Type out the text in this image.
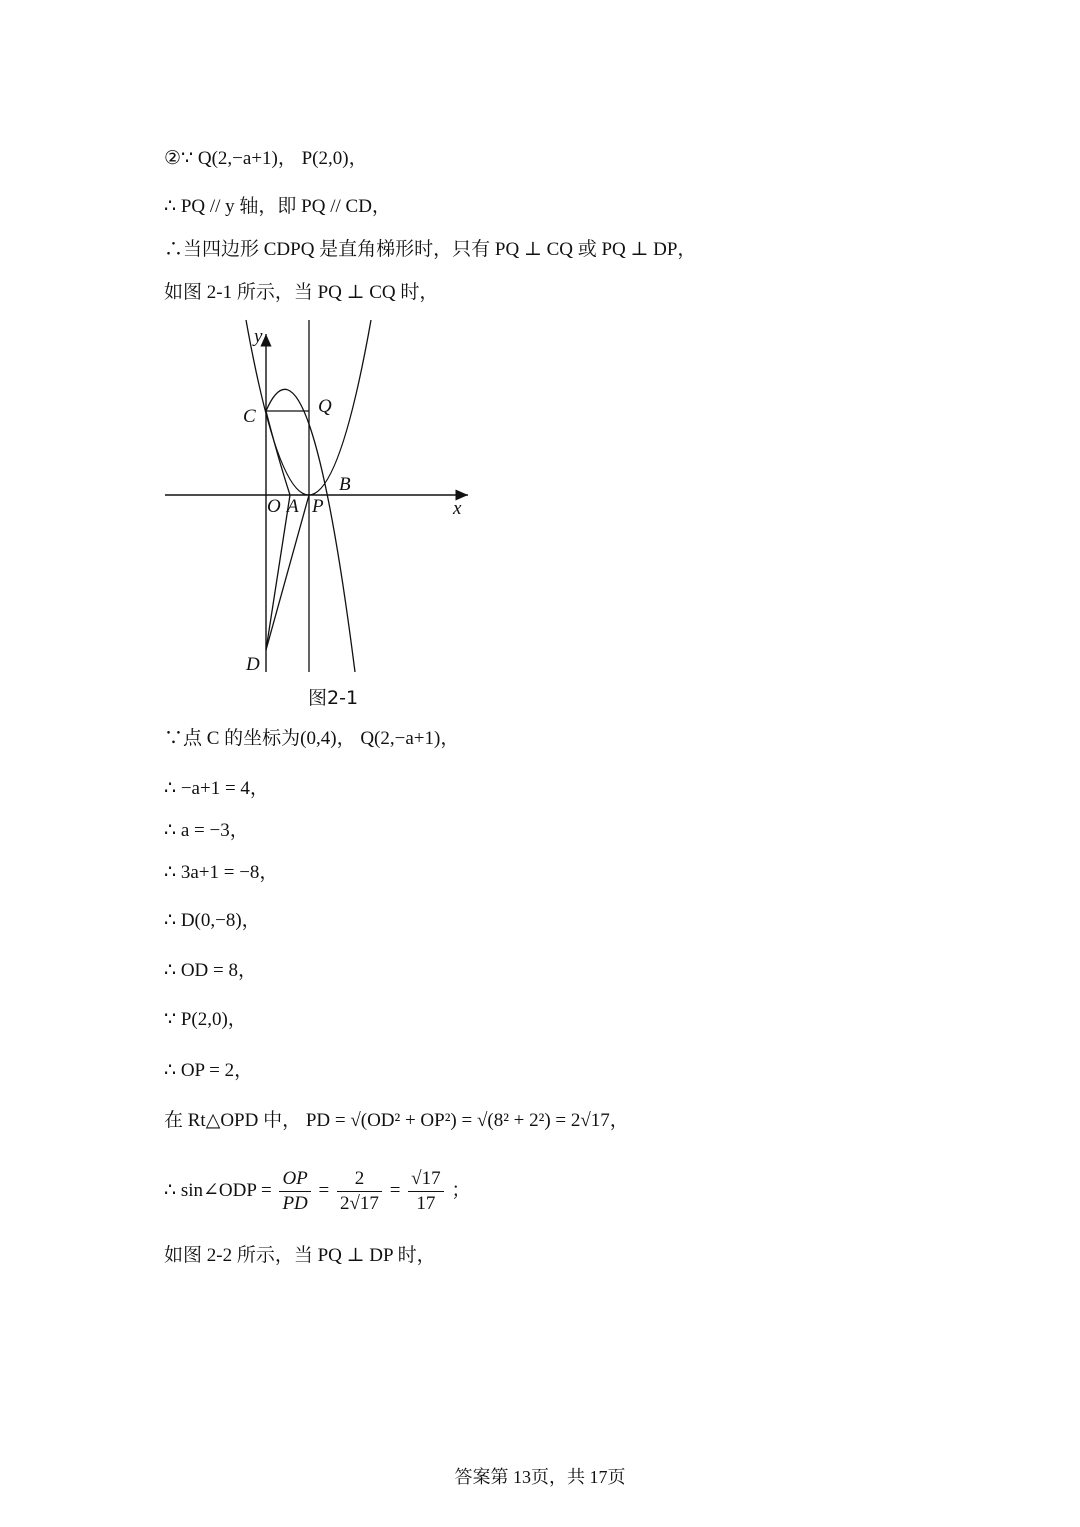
②∵ Q(2,−a+1)， P(2,0)，
∴ PQ // y 轴，即 PQ // CD，
∴当四边形 CDPQ 是直角梯形时，只有 PQ ⊥ CQ 或 PQ ⊥ DP，
如图 2-1 所示，当 PQ ⊥ CQ 时，
y
x
C	Q
B
O A P
D
图2-1
∵点 C 的坐标为(0,4)， Q(2,−a+1)，
∴ −a+1 = 4，
∴ a = −3，
∴ 3a+1 = −8，
∴ D(0,−8)，
∴ OD = 8，
∵ P(2,0)，
∴ OP = 2，
在 Rt△OPD 中， PD = √(OD² + OP²) = √(8² + 2²) = 2√17，
∴ sin∠ODP = $\frac{OP}{PD} = \frac{2}{2√17} = \frac{√17}{17}$ ；
如图 2-2 所示，当 PQ ⊥ DP 时，
答案第 13页，共 17页
